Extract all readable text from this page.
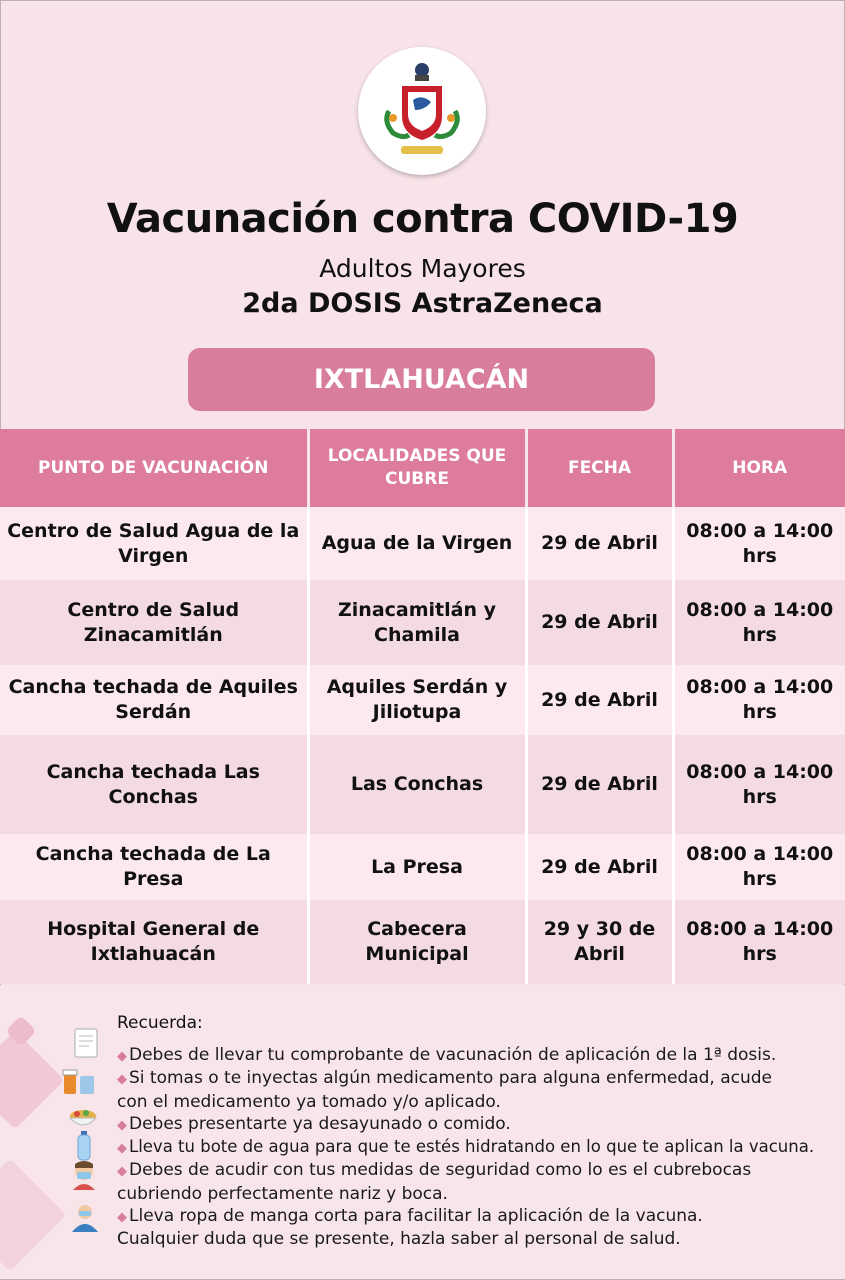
Vacunación contra COVID-19
Adultos Mayores
2da DOSIS AstraZeneca
IXTLAHUACÁN
PUNTO DE VACUNACIÓN	LOCALIDADES QUE CUBRE	FECHA	HORA
Centro de Salud Agua de la Virgen	Agua de la Virgen	29 de Abril	08:00 a 14:00 hrs
Centro de Salud Zinacamitlán	Zinacamitlán y Chamila	29 de Abril	08:00 a 14:00 hrs
Cancha techada de Aquiles Serdán	Aquiles Serdán y Jiliotupa	29 de Abril	08:00 a 14:00 hrs
Cancha techada Las Conchas	Las Conchas	29 de Abril	08:00 a 14:00 hrs
Cancha techada de La Presa	La Presa	29 de Abril	08:00 a 14:00 hrs
Hospital General de Ixtlahuacán	Cabecera Municipal	29 y 30 de Abril	08:00 a 14:00 hrs
Recuerda:
◆ Debes de llevar tu comprobante de vacunación de aplicación de la 1ª dosis.
◆ Si tomas o te inyectas algún medicamento para alguna enfermedad, acude con el medicamento ya tomado y/o aplicado.
◆ Debes presentarte ya desayunado o comido.
◆ Lleva tu bote de agua para que te estés hidratando en lo que te aplican la vacuna.
◆ Debes de acudir con tus medidas de seguridad como lo es el cubrebocas cubriendo perfectamente nariz y boca.
◆ Lleva ropa de manga corta para facilitar la aplicación de la vacuna.
Cualquier duda que se presente, hazla saber al personal de salud.
